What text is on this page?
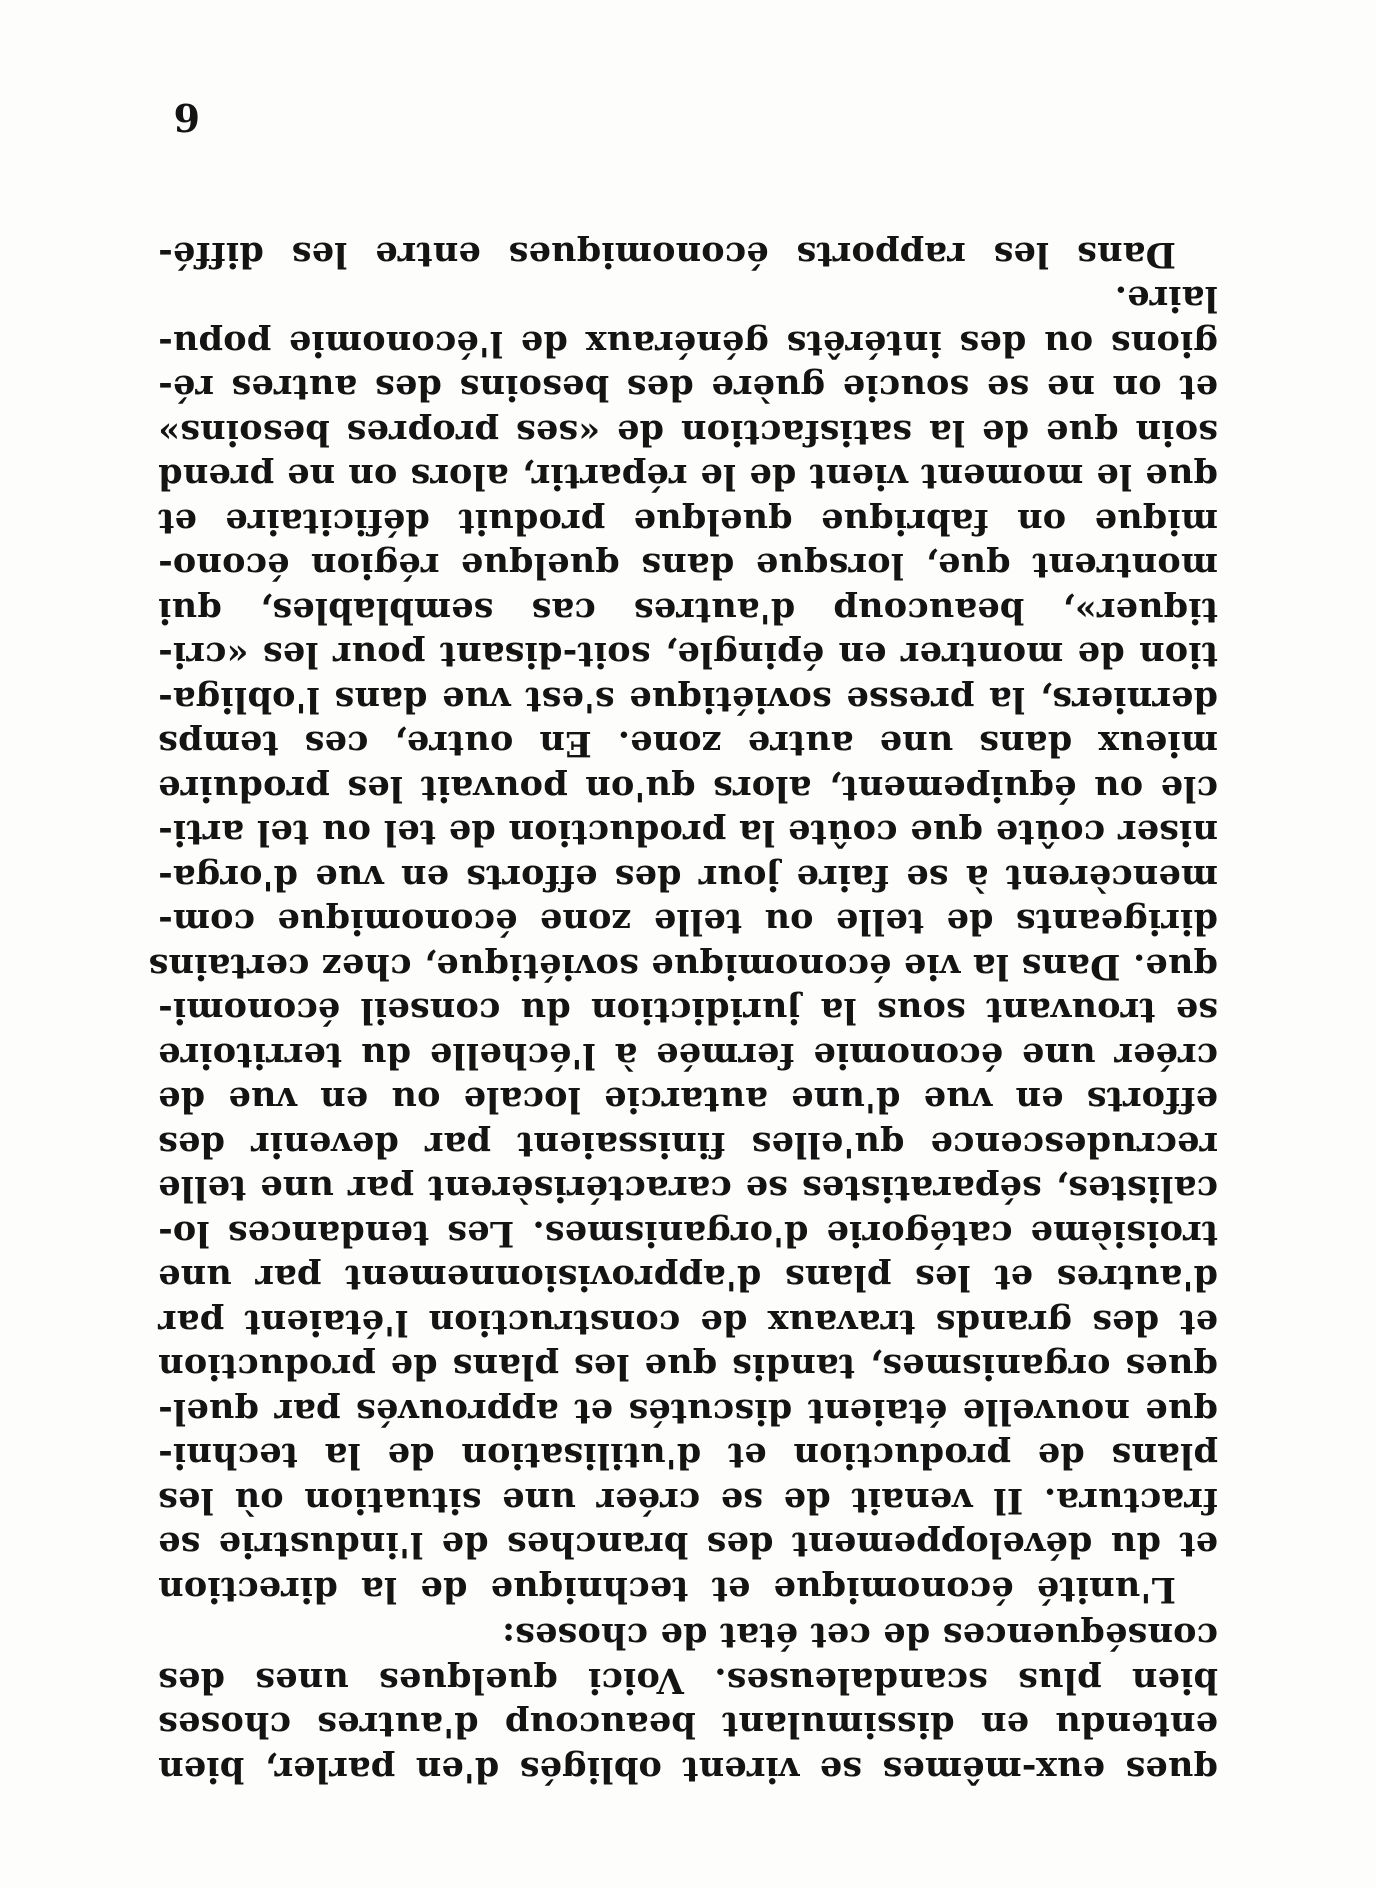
ques eux-mêmes se virent obligés d'en parler, bien
entendu en dissimulant beaucoup d'autres choses
bien plus scandaleuses. Voici quelques unes des
conséquences de cet état de choses:
L'unité économique et technique de la direction
et du développement des branches de l'industrie se
fractura. Il venait de se créer une situation où les
plans de production et d'utilisation de la techni-
que nouvelle étaient discutés et approuvés par quel-
ques organismes, tandis que les plans de production
et des grands travaux de construction l'étaient par
d'autres et les plans d'approvisionnement par une
troisième catégorie d'organismes. Les tendances lo-
calistes, séparatistes se caractérisèrent par une telle
recrudescence qu'elles finissaient par devenir des
efforts en vue d'une autarcie locale ou en vue de
créer une économie fermée à l'échelle du territoire
se trouvant sous la juridiction du conseil économi-
que. Dans la vie économique soviétique, chez certains
dirigeants de telle ou telle zone économique com-
mencèrent à se faire jour des efforts en vue d'orga-
niser coûte que coûte la production de tel ou tel arti-
cle ou équipement, alors qu'on pouvait les produire
mieux dans une autre zone. En outre, ces temps
derniers, la presse soviétique s'est vue dans l'obliga-
tion de montrer en épingle, soit-disant pour les «cri-
tiquer», beaucoup d'autres cas semblables, qui
montrent que, lorsque dans quelque région écono-
mique on fabrique quelque produit déficitaire et
que le moment vient de le répartir, alors on ne prend
soin que de la satisfaction de «ses propres besoins»
et on ne se soucie guère des besoins des autres ré-
gions ou des intérêts généraux de l'économie popu-
laire.
Dans les rapports économiques entre les diffé-
6
